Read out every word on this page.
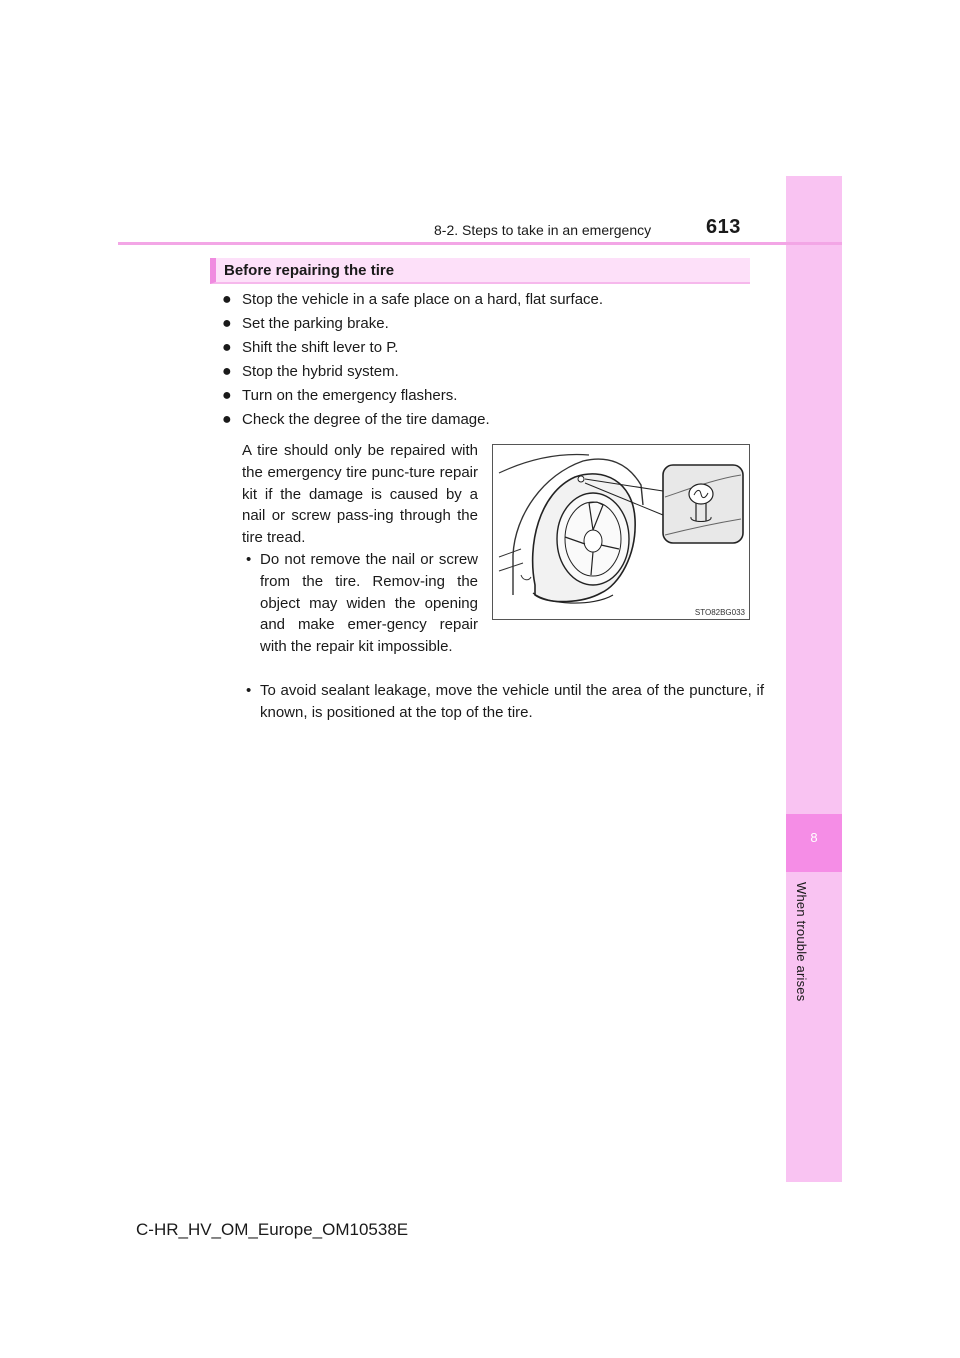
8
When trouble arises
8-2. Steps to take in an emergency	613
Before repairing the tire
● Stop the vehicle in a safe place on a hard, flat surface.
● Set the parking brake.
● Shift the shift lever to P.
● Stop the hybrid system.
● Turn on the emergency flashers.
● Check the degree of the tire damage.

A tire should only be repaired with the emergency tire punc-ture repair kit if the damage is caused by a nail or screw pass-ing through the tire tread.

• Do not remove the nail or screw from the tire. Remov-ing the object may widen the opening and make emer-gency repair with the repair kit impossible.
• To avoid sealant leakage, move the vehicle until the area of the puncture, if known, is positioned at the top of the tire.
STO82BG033
C-HR_HV_OM_Europe_OM10538E
